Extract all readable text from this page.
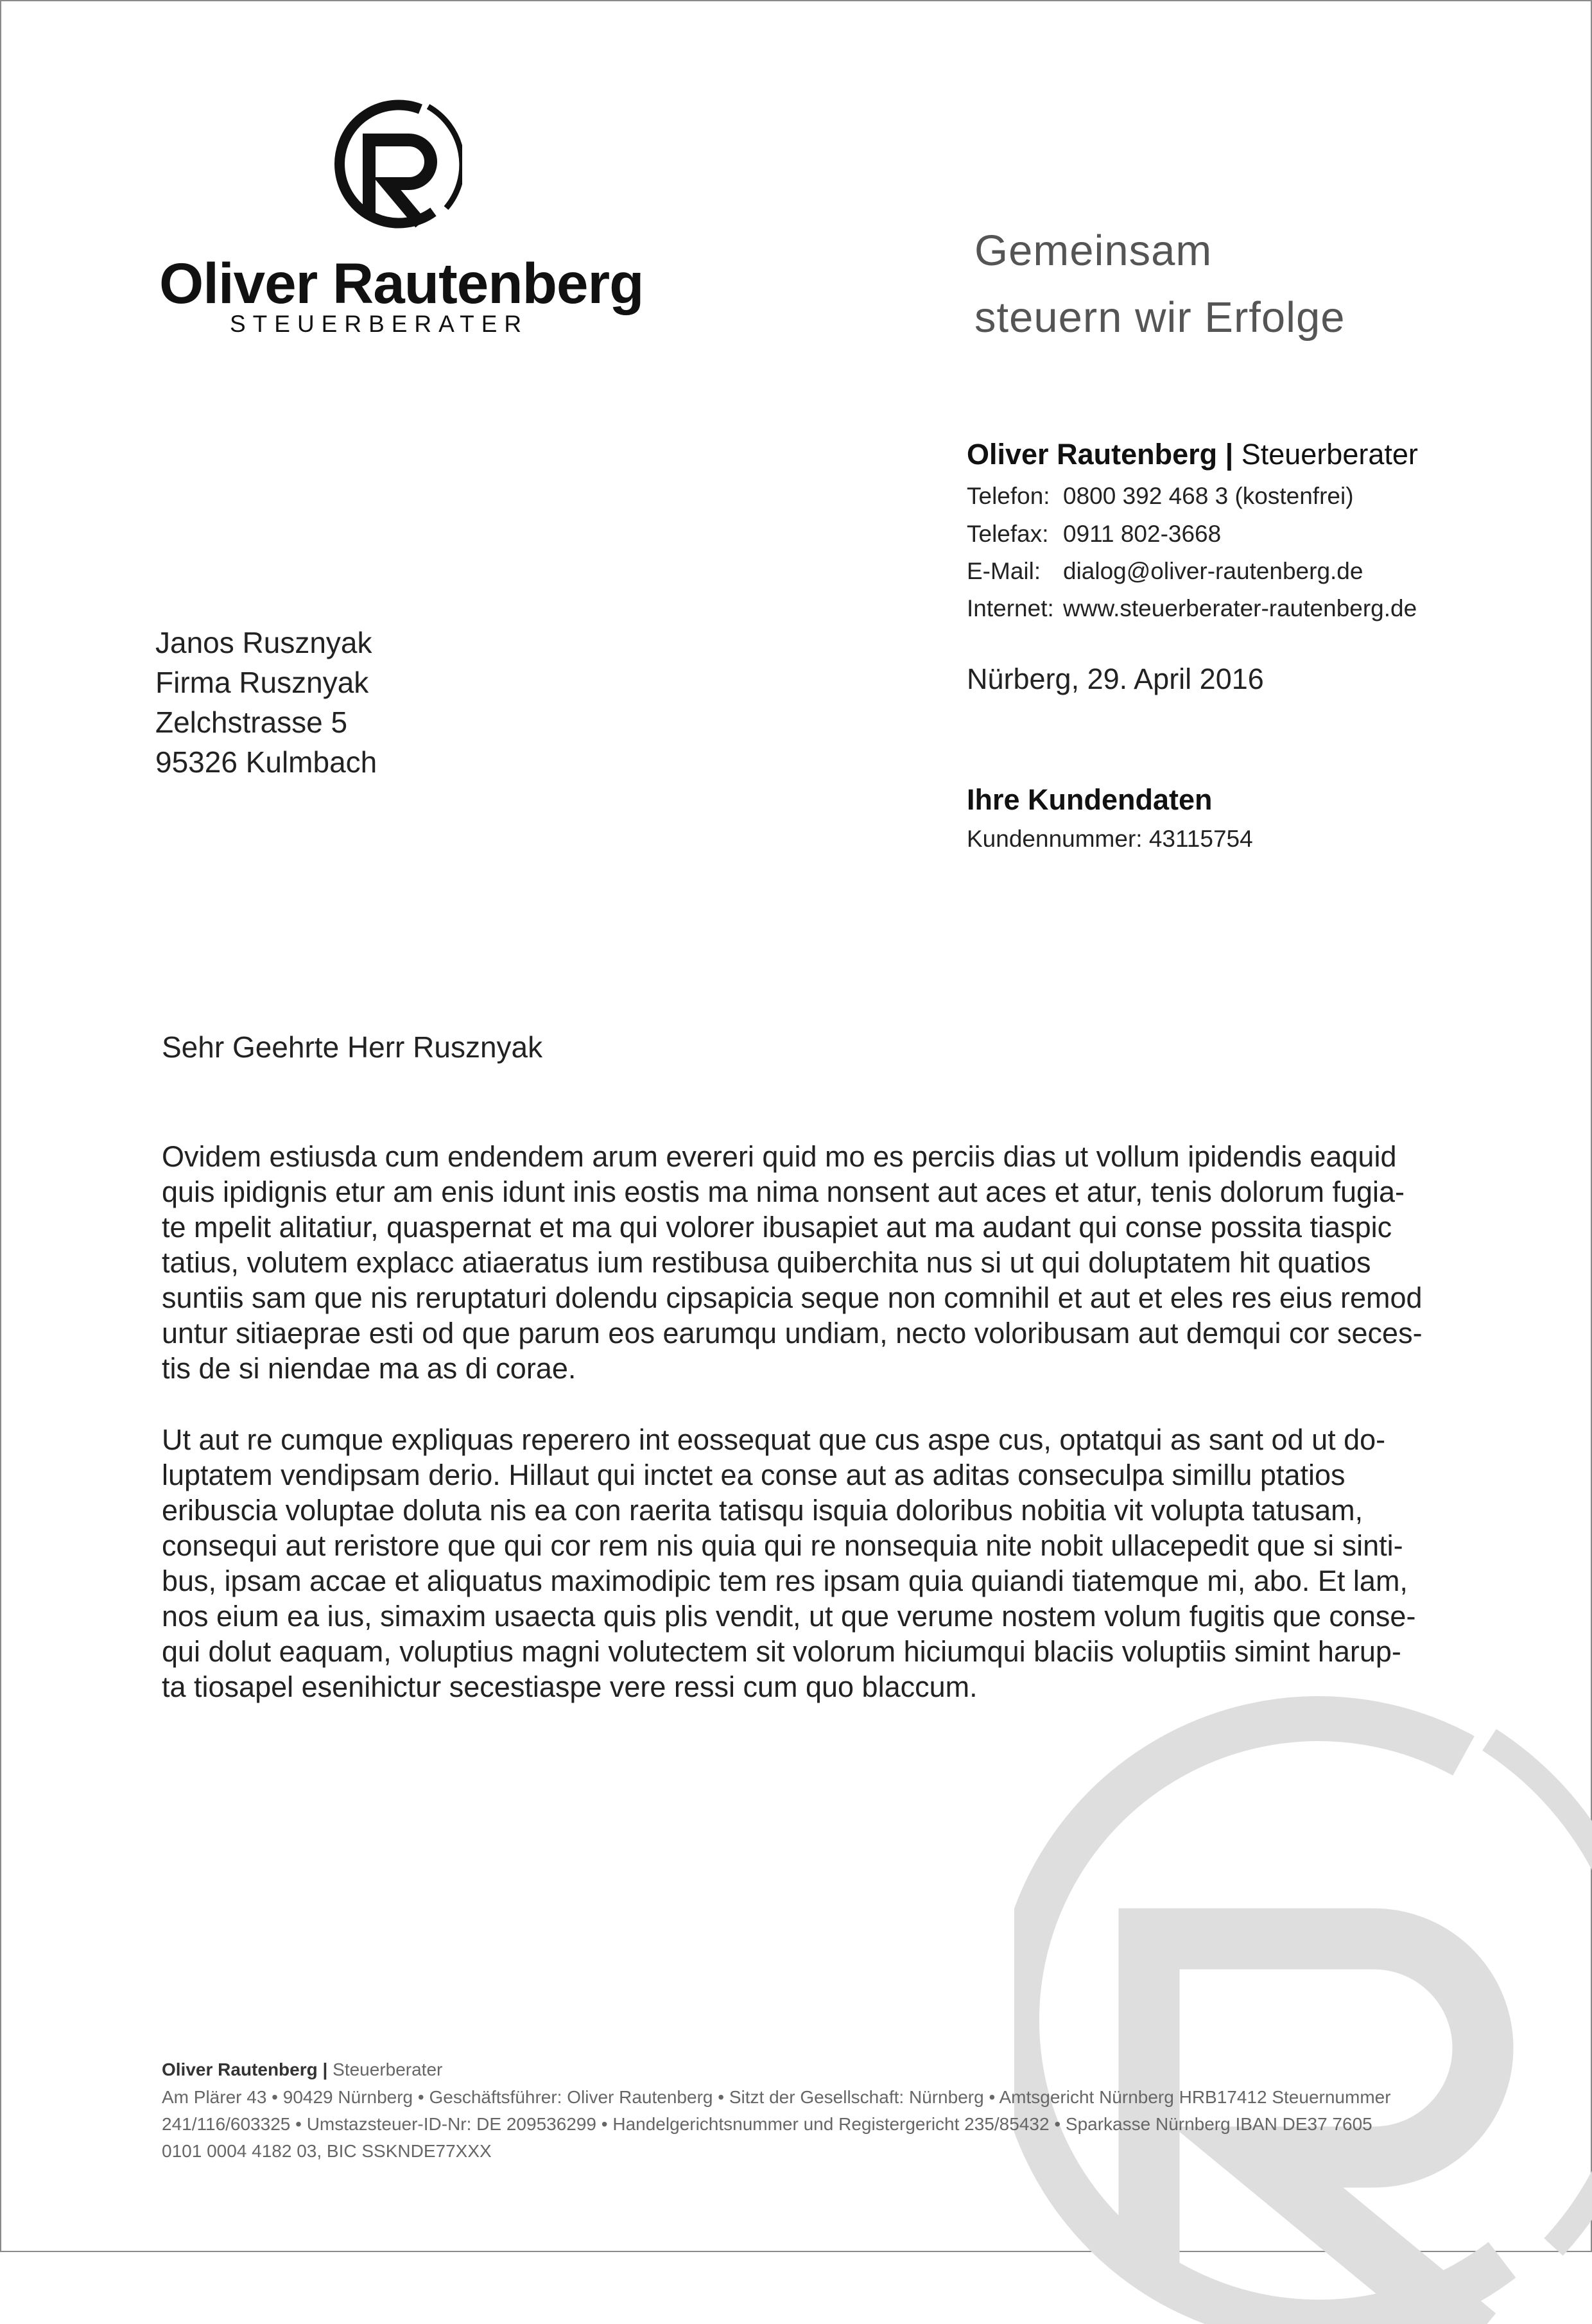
Oliver Rautenberg
STEUERBERATER
Gemeinsam
steuern wir Erfolge
Oliver Rautenberg | Steuerberater
Telefon: 0800 392 468 3 (kostenfrei)
Telefax: 0911 802-3668
E-Mail: dialog@oliver-rautenberg.de
Internet: www.steuerberater-rautenberg.de
Nürberg, 29. April 2016
Ihre Kundendaten
Kundennummer: 43115754
Janos Rusznyak
Firma Rusznyak
Zelchstrasse 5
95326 Kulmbach
Sehr Geehrte Herr Rusznyak
Ovidem estiusda cum endendem arum evereri quid mo es perciis dias ut vollum ipidendis eaquid
quis ipidignis etur am enis idunt inis eostis ma nima nonsent aut aces et atur, tenis dolorum fugia-
te mpelit alitatiur, quaspernat et ma qui volorer ibusapiet aut ma audant qui conse possita tiaspic
tatius, volutem explacc atiaeratus ium restibusa quiberchita nus si ut qui doluptatem hit quatios
suntiis sam que nis reruptaturi dolendu cipsapicia seque non comnihil et aut et eles res eius remod
untur sitiaeprae esti od que parum eos earumqu undiam, necto voloribusam aut demqui cor seces-
tis de si niendae ma as di corae.
Ut aut re cumque expliquas reperero int eossequat que cus aspe cus, optatqui as sant od ut do-
luptatem vendipsam derio. Hillaut qui inctet ea conse aut as aditas conseculpa simillu ptatios
eribuscia voluptae doluta nis ea con raerita tatisqu isquia doloribus nobitia vit volupta tatusam,
consequi aut reristore que qui cor rem nis quia qui re nonsequia nite nobit ullacepedit que si sinti-
bus, ipsam accae et aliquatus maximodipic tem res ipsam quia quiandi tiatemque mi, abo. Et lam,
nos eium ea ius, simaxim usaecta quis plis vendit, ut que verume nostem volum fugitis que conse-
qui dolut eaquam, voluptius magni volutectem sit volorum hiciumqui blaciis voluptiis simint harup-
ta tiosapel esenihictur secestiaspe vere ressi cum quo blaccum.
Oliver Rautenberg | Steuerberater
Am Plärer 43 • 90429 Nürnberg • Geschäftsführer: Oliver Rautenberg • Sitzt der Gesellschaft: Nürnberg • Amtsgericht Nürnberg HRB17412 Steuernummer
241/116/603325 • Umstazsteuer-ID-Nr: DE 209536299 • Handelgerichtsnummer und Registergericht 235/85432 • Sparkasse Nürnberg IBAN DE37 7605
0101 0004 4182 03, BIC SSKNDE77XXX
